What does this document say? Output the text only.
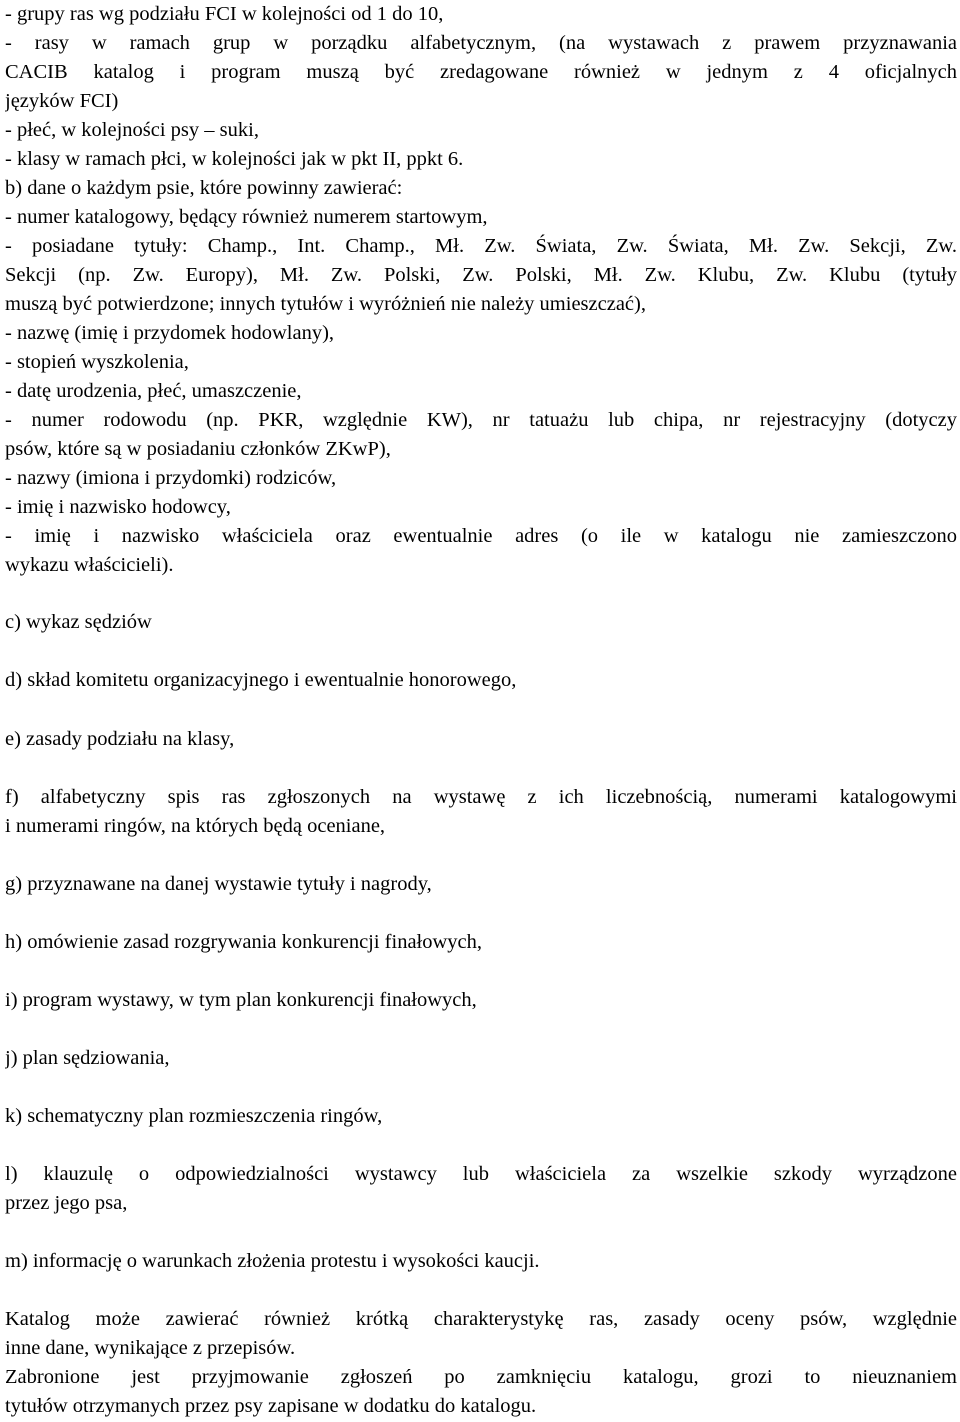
- grupy ras wg podziału FCI w kolejności od 1 do 10,
- rasy w ramach grup w porządku alfabetycznym, (na wystawach z prawem przyznawania
CACIB katalog i program muszą być zredagowane również w jednym z 4 oficjalnych
języków FCI)
- płeć, w kolejności psy – suki,
- klasy w ramach płci, w kolejności jak w pkt II, ppkt 6.
b) dane o każdym psie, które powinny zawierać:
- numer katalogowy, będący również numerem startowym,
- posiadane tytuły: Champ., Int. Champ., Mł. Zw. Świata, Zw. Świata, Mł. Zw. Sekcji, Zw.
Sekcji (np. Zw. Europy), Mł. Zw. Polski, Zw. Polski, Mł. Zw. Klubu, Zw. Klubu (tytuły
muszą być potwierdzone; innych tytułów i wyróżnień nie należy umieszczać),
- nazwę (imię i przydomek hodowlany),
- stopień wyszkolenia,
- datę urodzenia, płeć, umaszczenie,
- numer rodowodu (np. PKR, względnie KW), nr tatuażu lub chipa, nr rejestracyjny (dotyczy
psów, które są w posiadaniu członków ZKwP),
- nazwy (imiona i przydomki) rodziców,
- imię i nazwisko hodowcy,
- imię i nazwisko właściciela oraz ewentualnie adres (o ile w katalogu nie zamieszczono
wykazu właścicieli).
c) wykaz sędziów
d) skład komitetu organizacyjnego i ewentualnie honorowego,
e) zasady podziału na klasy,
f) alfabetyczny spis ras zgłoszonych na wystawę z ich liczebnością, numerami katalogowymi
i numerami ringów, na których będą oceniane,
g) przyznawane na danej wystawie tytuły i nagrody,
h) omówienie zasad rozgrywania konkurencji finałowych,
i) program wystawy, w tym plan konkurencji finałowych,
j) plan sędziowania,
k) schematyczny plan rozmieszczenia ringów,
l) klauzulę o odpowiedzialności wystawcy lub właściciela za wszelkie szkody wyrządzone
przez jego psa,
m) informację o warunkach złożenia protestu i wysokości kaucji.
Katalog może zawierać również krótką charakterystykę ras, zasady oceny psów, względnie
inne dane, wynikające z przepisów.
Zabronione jest przyjmowanie zgłoszeń po zamknięciu katalogu, grozi to nieuznaniem
tytułów otrzymanych przez psy zapisane w dodatku do katalogu.
